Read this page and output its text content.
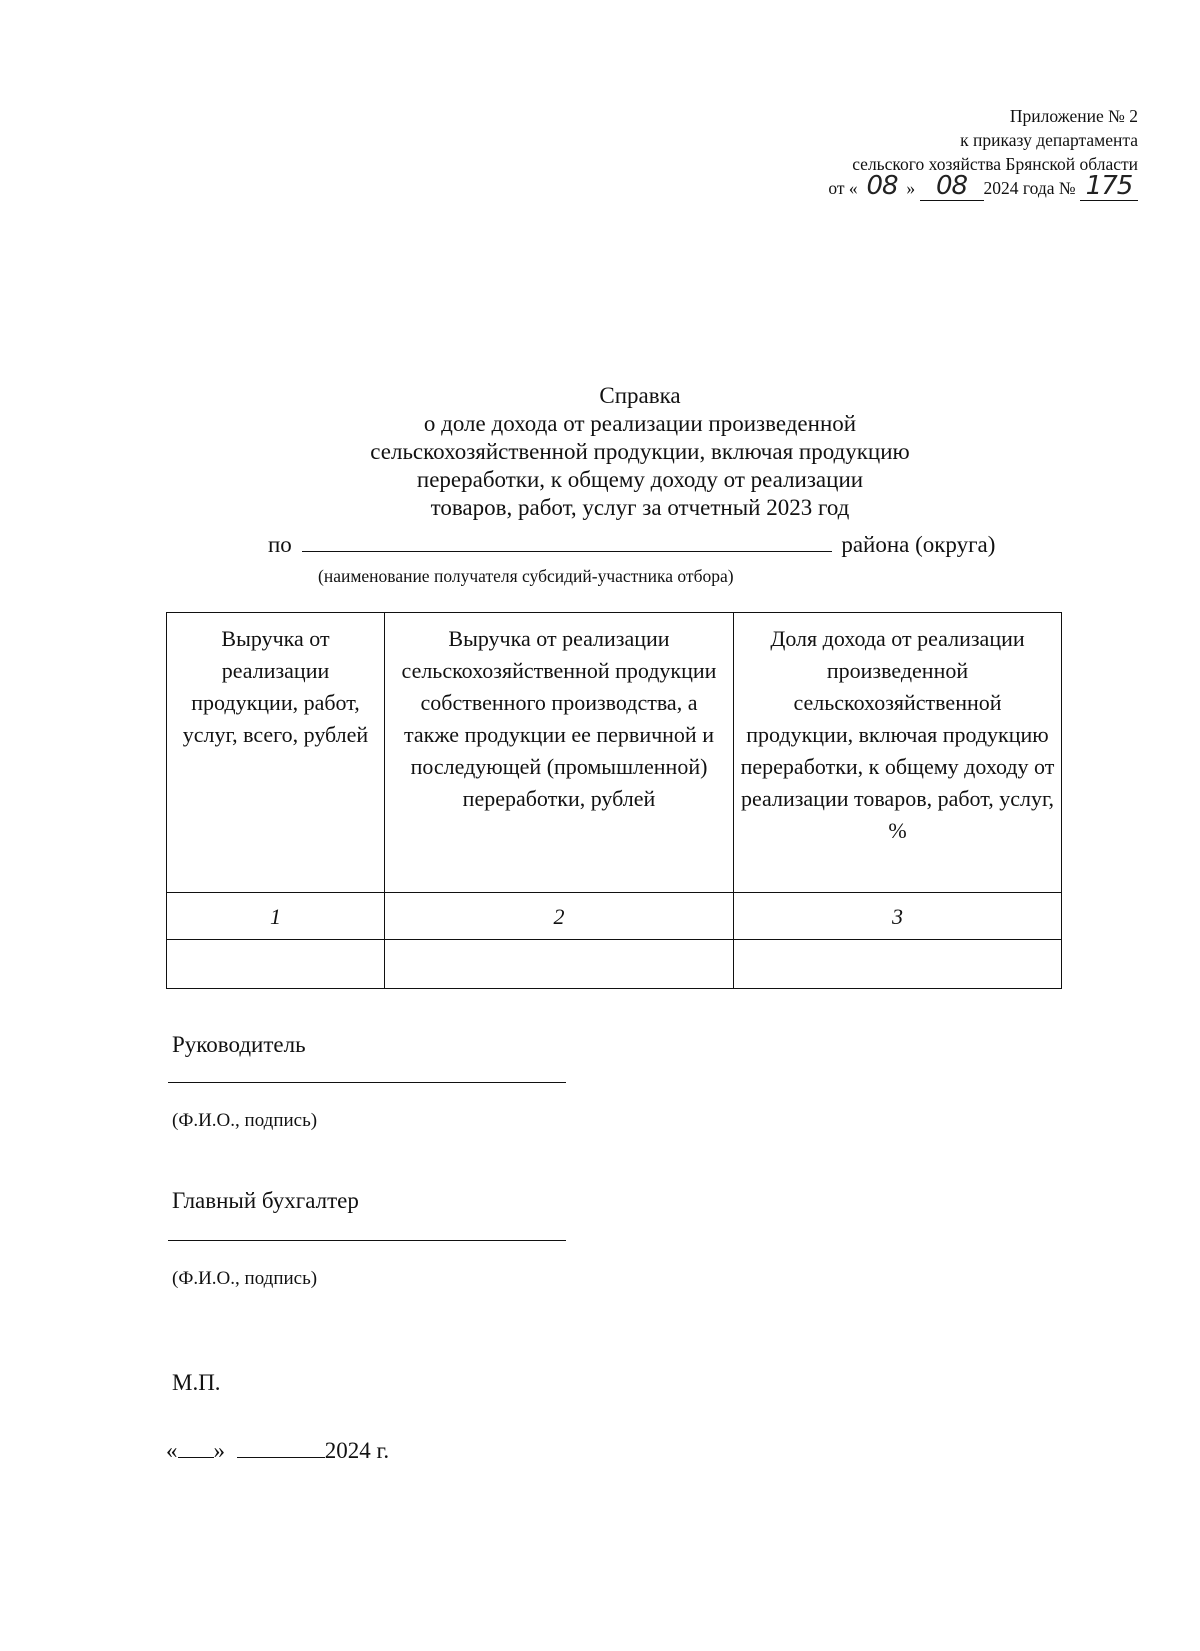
Приложение № 2
к приказу департамента
сельского хозяйства Брянской области
от « 08 » 08 2024 года № 175
Справка
о доле дохода от реализации произведенной
сельскохозяйственной продукции, включая продукцию
переработки, к общему доходу от реализации
товаров, работ, услуг за отчетный 2023 год
по	района (округа)
(наименование получателя субсидий-участника отбора)
Выручка от реализации продукции, работ, услуг, всего, рублей	Выручка от реализации сельскохозяйственной продукции собственного производства, а также продукции ее первичной и последующей (промышленной) переработки, рублей	Доля дохода от реализации произведенной сельскохозяйственной продукции, включая продукцию переработки, к общему доходу от реализации товаров, работ, услуг, %
1	2	3

Руководитель
(Ф.И.О., подпись)
Главный бухгалтер
(Ф.И.О., подпись)
М.П.
« »	2024 г.
